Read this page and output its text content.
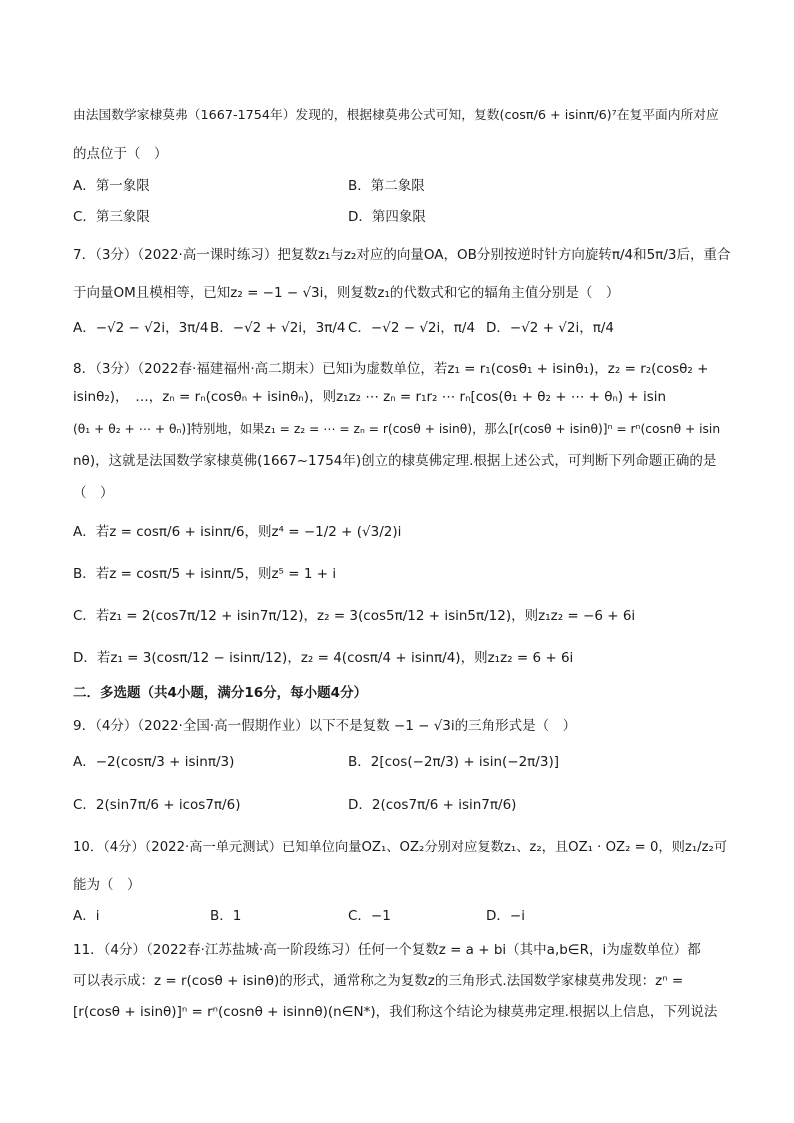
由法国数学家棣莫弗（1667-1754年）发现的，根据棣莫弗公式可知，复数(cosπ/6 + isinπ/6)⁷在复平面内所对应
的点位于（　）
A．第一象限	B．第二象限
C．第三象限	D．第四象限
7．（3分）（2022·高一课时练习）把复数z₁与z₂对应的向量OA，OB分别按逆时针方向旋转π/4和5π/3后，重合
于向量OM且模相等，已知z₂ = −1 − √3i，则复数z₁的代数式和它的辐角主值分别是（　）
A．−√2 − √2i，3π/4 B．−√2 + √2i，3π/4 C．−√2 − √2i，π/4 D．−√2 + √2i，π/4
8．（3分）（2022春·福建福州·高二期末）已知i为虚数单位，若z₁ = r₁(cosθ₁ + isinθ₁)，z₂ = r₂(cosθ₂ +
isinθ₂)，　…，zₙ = rₙ(cosθₙ + isinθₙ)，则z₁z₂ ⋯ zₙ = r₁r₂ ⋯ rₙ[cos(θ₁ + θ₂ + ⋯ + θₙ) + isin
(θ₁ + θ₂ + ⋯ + θₙ)]特别地，如果z₁ = z₂ = ⋯ = zₙ = r(cosθ + isinθ)，那么[r(cosθ + isinθ)]ⁿ = rⁿ(cosnθ + isin
nθ)，这就是法国数学家棣莫佛(1667~1754年)创立的棣莫佛定理.根据上述公式，可判断下列命题正确的是
（　）
A．若z = cosπ/6 + isinπ/6，则z⁴ = −1/2 + (√3/2)i
B．若z = cosπ/5 + isinπ/5，则z⁵ = 1 + i
C．若z₁ = 2(cos7π/12 + isin7π/12)，z₂ = 3(cos5π/12 + isin5π/12)，则z₁z₂ = −6 + 6i
D．若z₁ = 3(cosπ/12 − isinπ/12)，z₂ = 4(cosπ/4 + isinπ/4)，则z₁z₂ = 6 + 6i
二．多选题（共4小题，满分16分，每小题4分）
9．（4分）（2022·全国·高一假期作业）以下不是复数 −1 − √3i的三角形式是（　）
A．−2(cosπ/3 + isinπ/3)	B．2[cos(−2π/3) + isin(−2π/3)]
C．2(sin7π/6 + icos7π/6)	D．2(cos7π/6 + isin7π/6)
10．（4分）（2022·高一单元测试）已知单位向量OZ₁、OZ₂分别对应复数z₁、z₂，且OZ₁ · OZ₂ = 0，则z₁/z₂可
能为（　）
A．i	B．1	C．−1	D．−i
11．（4分）（2022春·江苏盐城·高一阶段练习）任何一个复数z = a + bi（其中a,b∈R，i为虚数单位）都
可以表示成：z = r(cosθ + isinθ)的形式，通常称之为复数z的三角形式.法国数学家棣莫弗发现：zⁿ =
[r(cosθ + isinθ)]ⁿ = rⁿ(cosnθ + isinnθ)(n∈N*)，我们称这个结论为棣莫弗定理.根据以上信息，下列说法
